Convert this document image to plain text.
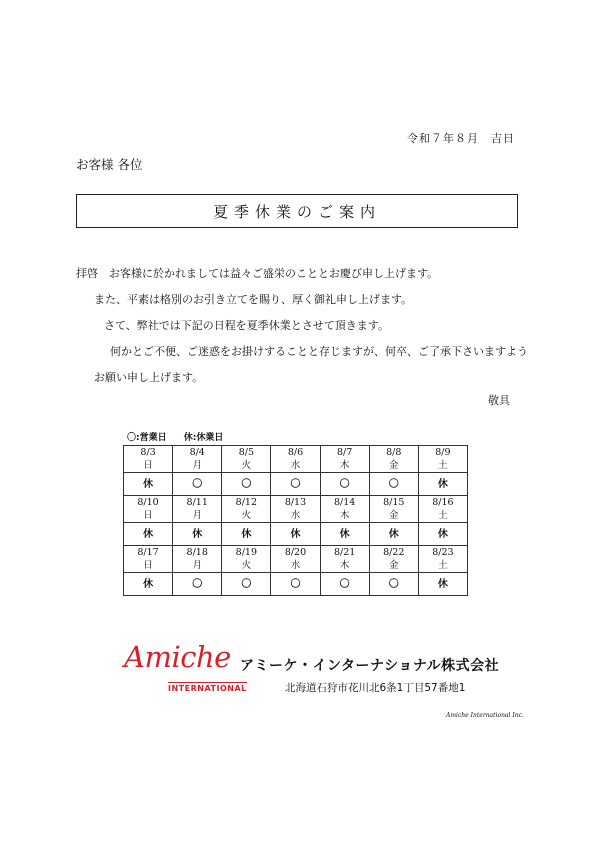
令和７年８月　吉日
お客様 各位
夏季休業のご案内
拝啓　お客様に於かれましては益々ご盛栄のこととお慶び申し上げます。
また、平素は格別のお引き立てを賜り、厚く御礼申し上げます。
さて、弊社では下記の日程を夏季休業とさせて頂きます。
何かとご不便、ご迷惑をお掛けすることと存じますが、何卒、ご了承下さいますよう
お願い申し上げます。
敬具
〇:営業日 休:休業日
8/3	8/4	8/5	8/6	8/7	8/8	8/9
日	月	火	水	木	金	土
休	〇	〇	〇	〇	〇	休
8/10	8/11	8/12	8/13	8/14	8/15	8/16
日	月	火	水	木	金	土
休	休	休	休	休	休	休
8/17	8/18	8/19	8/20	8/21	8/22	8/23
日	月	火	水	木	金	土
休	〇	〇	〇	〇	〇	休
Amiche
INTERNATIONAL
アミーケ・インターナショナル株式会社
北海道石狩市花川北6条1丁目57番地1
Amiche International Inc.
